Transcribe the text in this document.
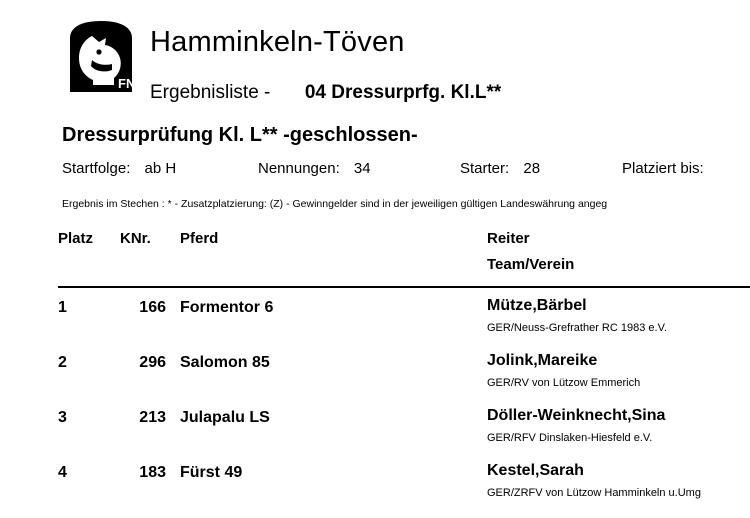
FN
Hamminkeln-Töven
Ergebnisliste - 04 Dressurprfg. Kl.L**
Dressurprüfung Kl. L** -geschlossen-
Startfolge: ab H	Nennungen: 34	Starter: 28	Platziert bis:
Ergebnis im Stechen : * - Zusatzplatzierung: (Z) - Gewinngelder sind in der jeweiligen gültigen Landeswährung angeg
Platz KNr. Pferd	Reiter
Team/Verein
1	166 Formentor 6	Mütze,Bärbel
GER/Neuss-Grefrather RC 1983 e.V.
2	296 Salomon 85	Jolink,Mareike
GER/RV von Lützow Emmerich
3	213 Julapalu LS	Döller-Weinknecht,Sina
GER/RFV Dinslaken-Hiesfeld e.V.
4	183 Fürst 49	Kestel,Sarah
GER/ZRFV von Lützow Hamminkeln u.Umg
